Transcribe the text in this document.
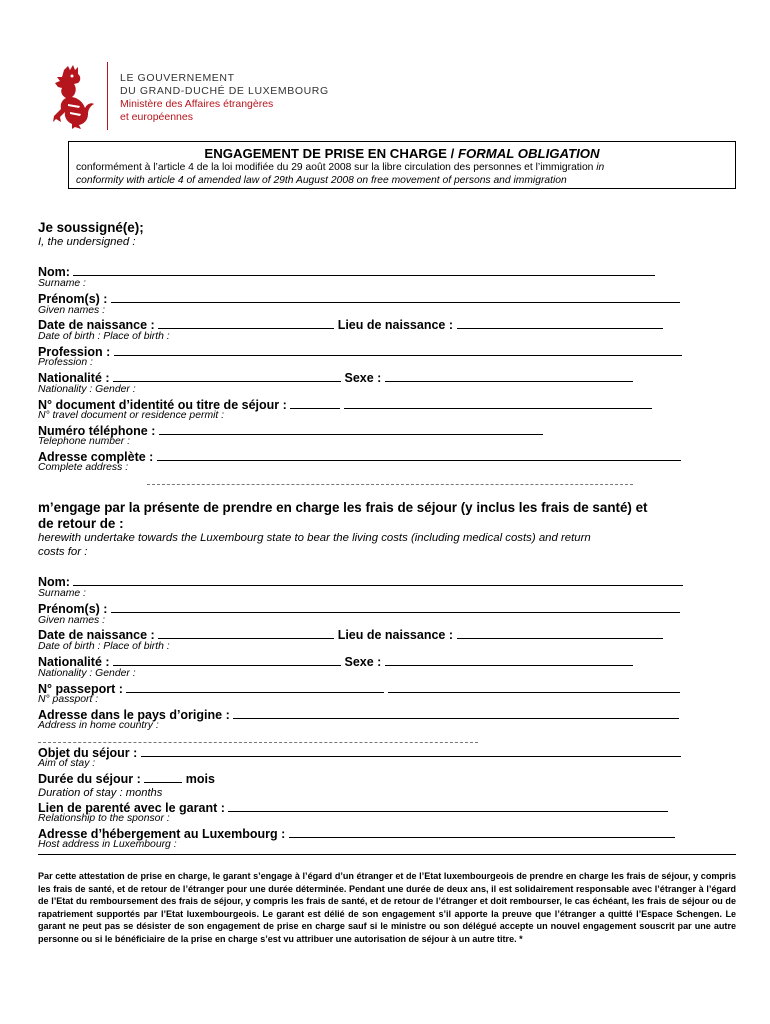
LE GOUVERNEMENT
DU GRAND-DUCHÉ DE LUXEMBOURG
Ministère des Affaires étrangères
et européennes
ENGAGEMENT DE PRISE EN CHARGE / FORMAL OBLIGATION
conformément à l’article 4 de la loi modifiée du 29 août 2008 sur la libre circulation des personnes et l’immigration in
conformity with article 4 of amended law of 29th August 2008 on free movement of persons and immigration
Je soussigné(e);
I, the undersigned :
Nom:
Surname :
Prénom(s) :
Given names :
Date de naissance :	Lieu de naissance :
Date of birth : Place of birth :
Profession :
Profession :
Nationalité :	Sexe :
Nationality : Gender :
N° document d’identité ou titre de séjour :
N° travel document or residence permit :
Numéro téléphone :
Telephone number :
Adresse complète :
Complete address :
m’engage par la présente de prendre en charge les frais de séjour (y inclus les frais de santé) et
de retour de :
herewith undertake towards the Luxembourg state to bear the living costs (including medical costs) and return
costs for :
Nom:
Surname :
Prénom(s) :
Given names :
Date de naissance :	Lieu de naissance :
Date of birth : Place of birth :
Nationalité :	Sexe :
Nationality : Gender :
N° passeport :
N° passport :
Adresse dans le pays d’origine :
Address in home country :
Objet du séjour :
Aim of stay :
Durée du séjour :	mois
Duration of stay : months
Lien de parenté avec le garant :
Relationship to the sponsor :
Adresse d’hébergement au Luxembourg :
Host address in Luxembourg :
Par cette attestation de prise en charge, le garant s’engage à l’égard d’un étranger et de l’Etat luxembourgeois de prendre en charge les frais de séjour, y compris les frais de santé, et de retour de l’étranger pour une durée déterminée. Pendant une durée de deux ans, il est solidairement responsable avec l’étranger à l’égard de l’Etat du remboursement des frais de séjour, y compris les frais de santé, et de retour de l’étranger et doit rembourser, le cas échéant, les frais de séjour ou de rapatriement supportés par l’Etat luxembourgeois. Le garant est délié de son engagement s’il apporte la preuve que l’étranger a quitté l’Espace Schengen. Le garant ne peut pas se désister de son engagement de prise en charge sauf si le ministre ou son délégué accepte un nouvel engagement souscrit par une autre personne ou si le bénéficiaire de la prise en charge s’est vu attribuer une autorisation de séjour à un autre titre. *
